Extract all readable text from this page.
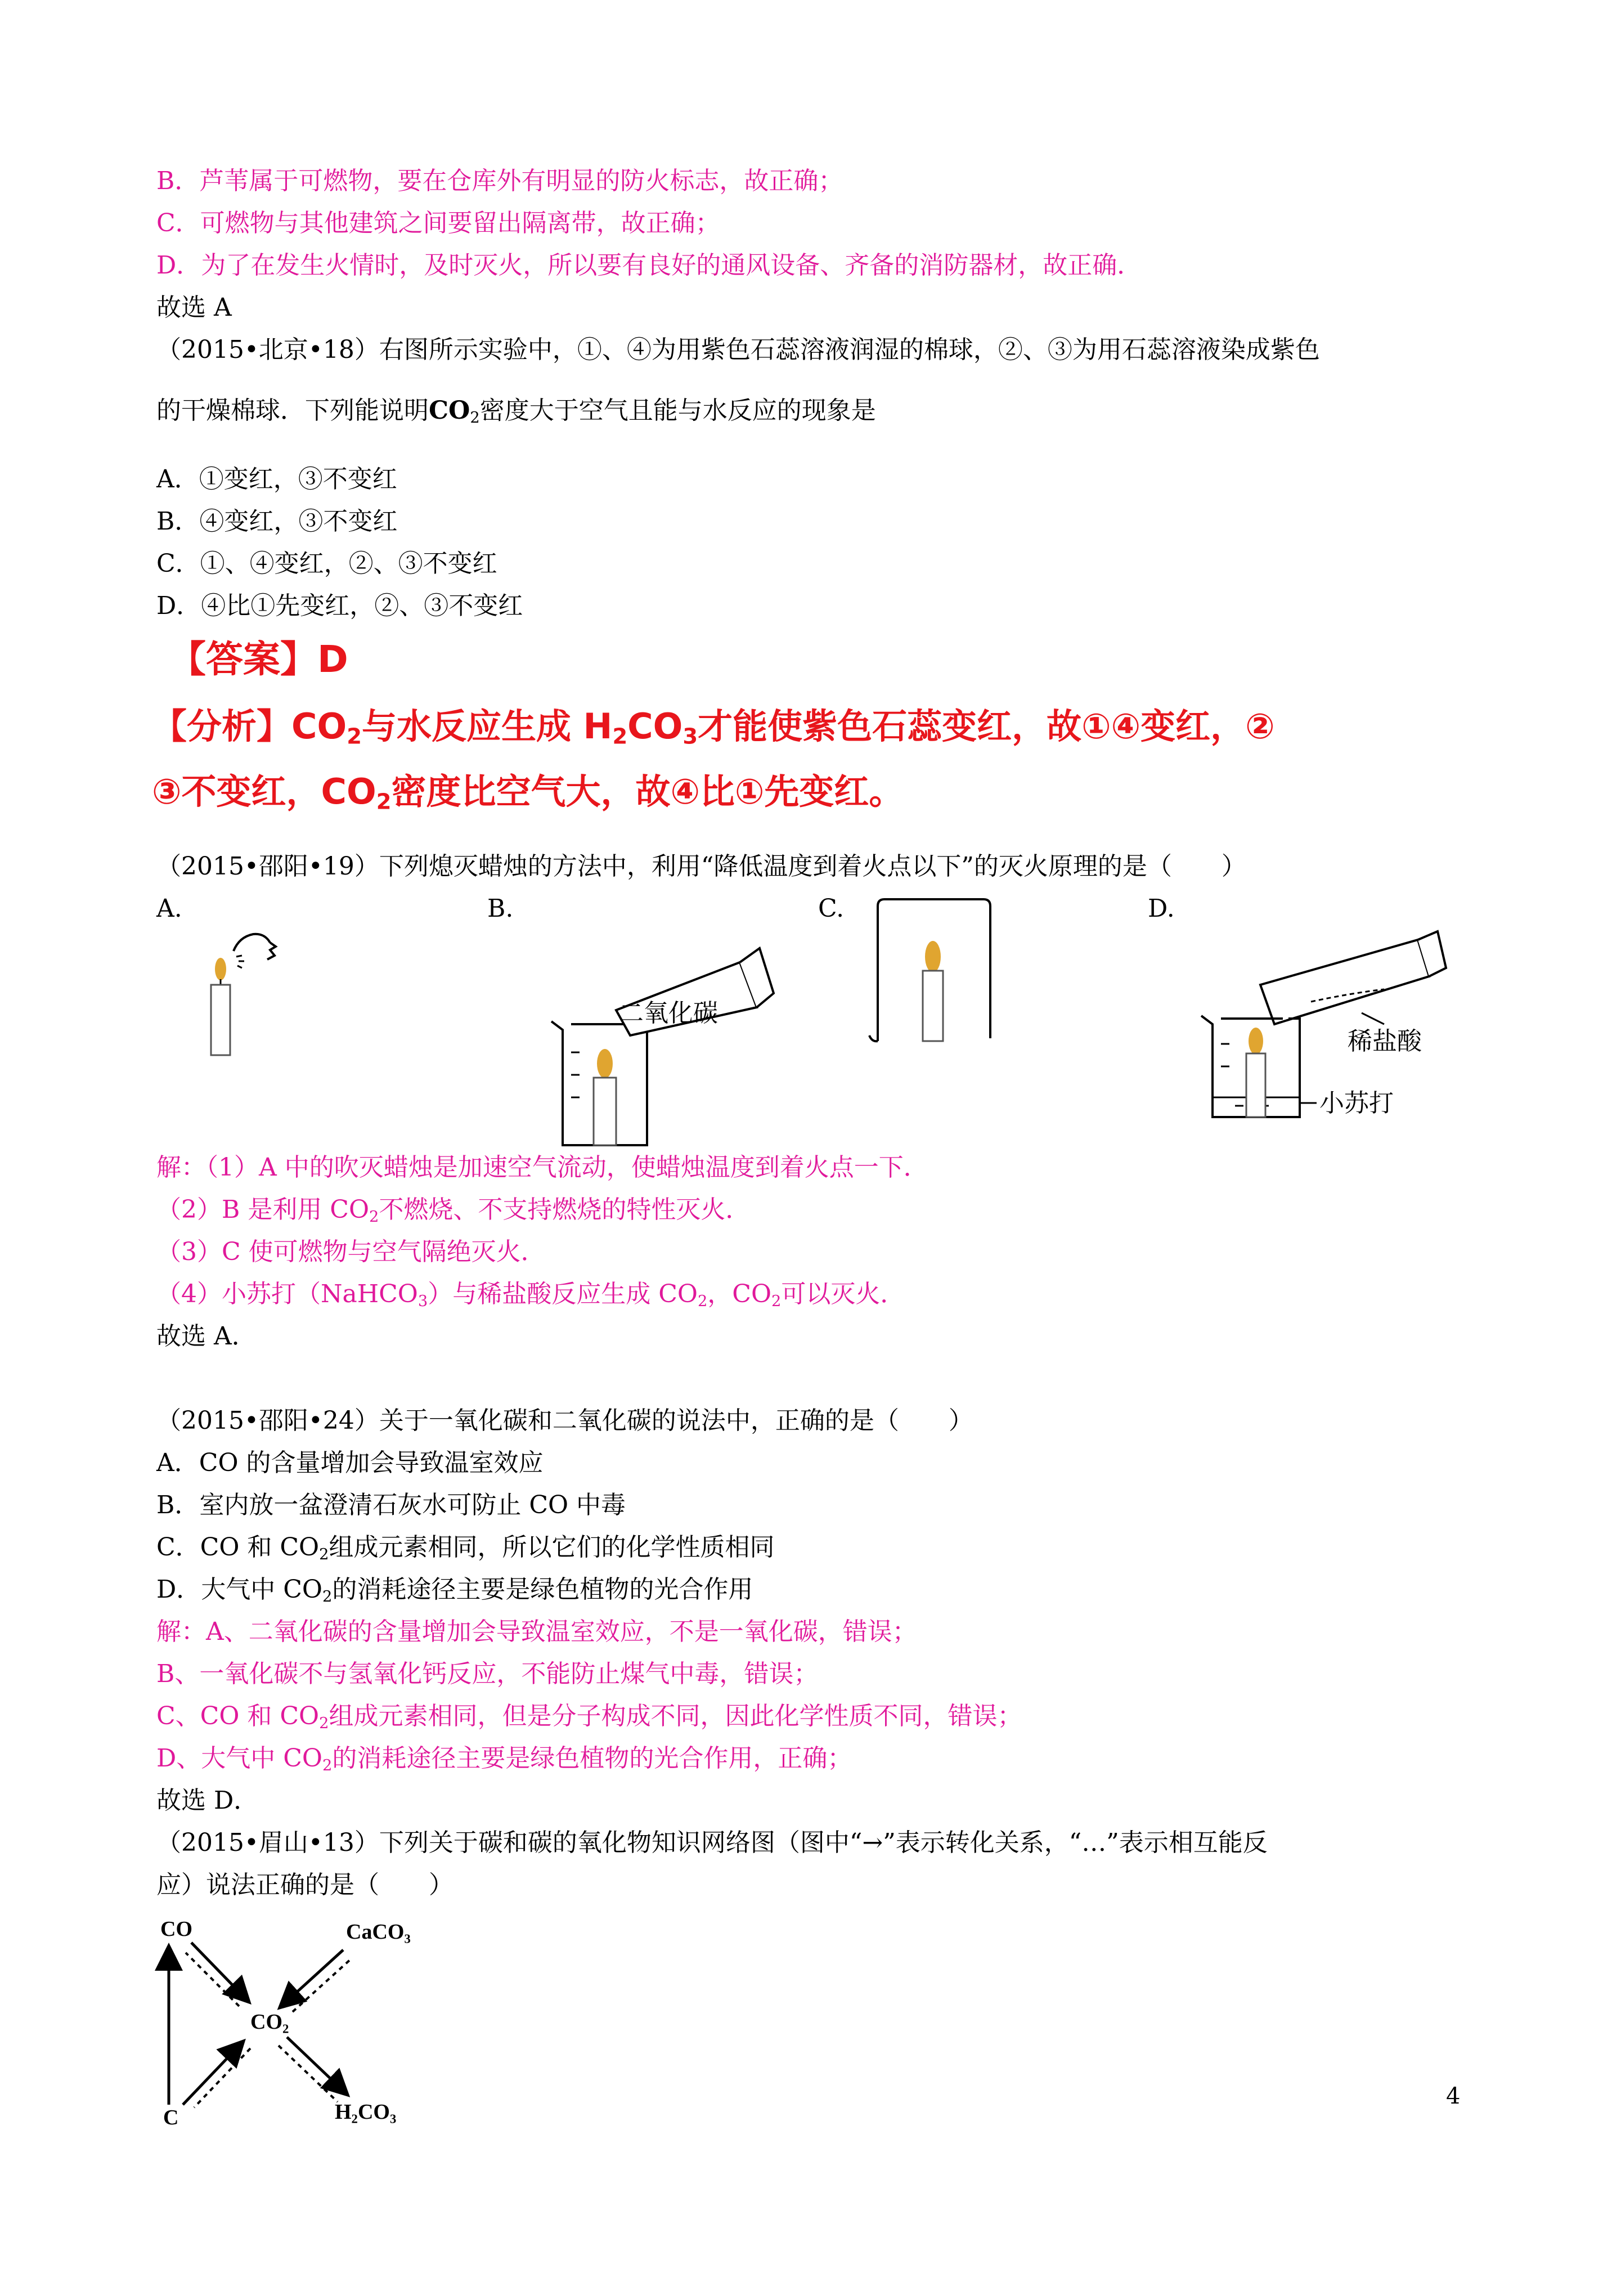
B．芦苇属于可燃物，要在仓库外有明显的防火标志，故正确；
C．可燃物与其他建筑之间要留出隔离带，故正确；
D．为了在发生火情时，及时灭火，所以要有良好的通风设备、齐备的消防器材，故正确．
故选 A
（2015•北京•18）右图所示实验中，①、④为用紫色石蕊溶液润湿的棉球，②、③为用石蕊溶液染成紫色
的干燥棉球．下列能说明$CO_2$密度大于空气且能与水反应的现象是
A．①变红，③不变红
B．④变红，③不变红
C．①、④变红，②、③不变红
D．④比①先变红，②、③不变红
【答案】D
【分析】$CO_2$与水反应生成 $H_2CO_3$才能使紫色石蕊变红，故①④变红，②
③不变红，$CO_2$密度比空气大，故④比①先变红。
（2015•邵阳•19）下列熄灭蜡烛的方法中，利用“降低温度到着火点以下”的灭火原理的是（　　）
A.	B.	C.	D.
二氧化碳
稀盐酸
小苏打
解：（1）A 中的吹灭蜡烛是加速空气流动，使蜡烛温度到着火点一下．
（2）B 是利用 $CO_2$不燃烧、不支持燃烧的特性灭火．
（3）C 使可燃物与空气隔绝灭火．
（4）小苏打（NaHCO$_3$）与稀盐酸反应生成 $CO_2$，$CO_2$可以灭火．
故选 A．
（2015•邵阳•24）关于一氧化碳和二氧化碳的说法中，正确的是（　　）
A．CO 的含量增加会导致温室效应
B．室内放一盆澄清石灰水可防止 CO 中毒
C．CO 和 $CO_2$组成元素相同，所以它们的化学性质相同
D．大气中 $CO_2$的消耗途径主要是绿色植物的光合作用
解：A、二氧化碳的含量增加会导致温室效应，不是一氧化碳，错误；
B、一氧化碳不与氢氧化钙反应，不能防止煤气中毒，错误；
C、CO 和 $CO_2$组成元素相同，但是分子构成不同，因此化学性质不同，错误；
D、大气中 $CO_2$的消耗途径主要是绿色植物的光合作用，正确；
故选 D．
（2015•眉山•13）下列关于碳和碳的氧化物知识网络图（图中“→”表示转化关系，“…”表示相互能反
应）说法正确的是（　　）
CO	CaCO₃
CO₂
C	H₂CO₃
4
